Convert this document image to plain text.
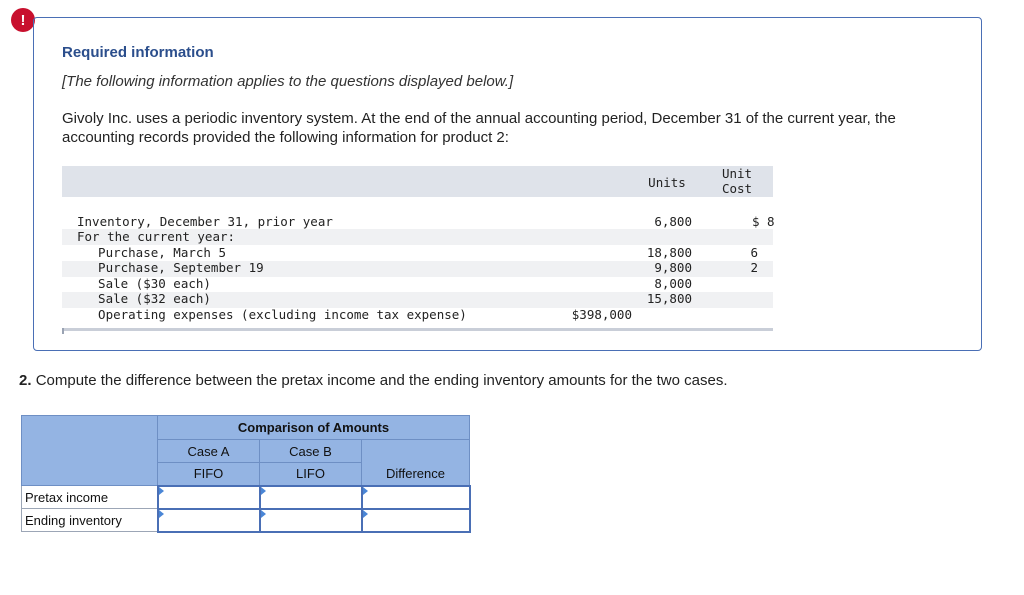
!
Required information
[The following information applies to the questions displayed below.]
Givoly Inc. uses a periodic inventory system. At the end of the annual accounting period, December 31 of the current year, the accounting records provided the following information for product 2:
Units
Unit
Cost
Inventory, December 31, prior year	6,800	$ 8
For the current year:
Purchase, March 5	18,800	6
Purchase, September 19	9,800	2
Sale ($30 each)	8,000
Sale ($32 each)	15,800
Operating expenses (excluding income tax expense)	$398,000
2. Compute the difference between the pretax income and the ending inventory amounts for the two cases.
	Comparison of Amounts		
	Case A	Case B	
	FIFO	LIFO	Difference
Pretax income	

Ending inventory	
